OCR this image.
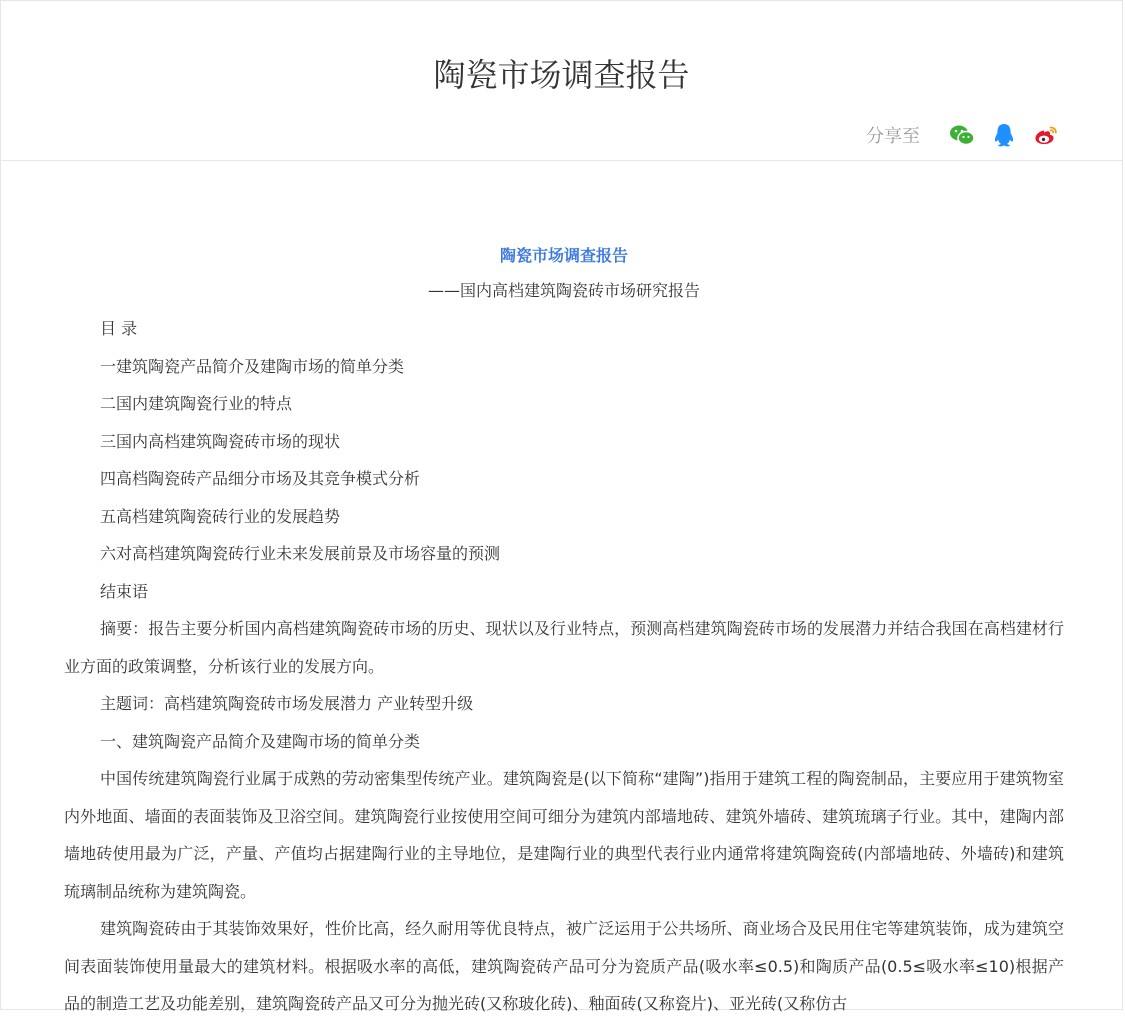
陶瓷市场调查报告
分享至
陶瓷市场调查报告
——国内高档建筑陶瓷砖市场研究报告
目 录
一建筑陶瓷产品简介及建陶市场的简单分类
二国内建筑陶瓷行业的特点
三国内高档建筑陶瓷砖市场的现状
四高档陶瓷砖产品细分市场及其竞争模式分析
五高档建筑陶瓷砖行业的发展趋势
六对高档建筑陶瓷砖行业未来发展前景及市场容量的预测
结束语

摘要：报告主要分析国内高档建筑陶瓷砖市场的历史、现状以及行业特点，预测高档建筑陶瓷砖市场的发展潜力并结合我国在高档建材行业方面的政策调整，分析该行业的发展方向。

主题词：高档建筑陶瓷砖市场发展潜力 产业转型升级
一、建筑陶瓷产品简介及建陶市场的简单分类

中国传统建筑陶瓷行业属于成熟的劳动密集型传统产业。建筑陶瓷是(以下简称“建陶”)指用于建筑工程的陶瓷制品，主要应用于建筑物室内外地面、墙面的表面装饰及卫浴空间。建筑陶瓷行业按使用空间可细分为建筑内部墙地砖、建筑外墙砖、建筑琉璃子行业。其中，建陶内部墙地砖使用最为广泛，产量、产值均占据建陶行业的主导地位，是建陶行业的典型代表行业内通常将建筑陶瓷砖(内部墙地砖、外墙砖)和建筑琉璃制品统称为建筑陶瓷。

建筑陶瓷砖由于其装饰效果好，性价比高，经久耐用等优良特点，被广泛运用于公共场所、商业场合及民用住宅等建筑装饰，成为建筑空间表面装饰使用量最大的建筑材料。根据吸水率的高低，建筑陶瓷砖产品可分为瓷质产品(吸水率≤0.5)和陶质产品(0.5≤吸水率≤10)根据产品的制造工艺及功能差别，建筑陶瓷砖产品又可分为抛光砖(又称玻化砖)、釉面砖(又称瓷片)、亚光砖(又称仿古
